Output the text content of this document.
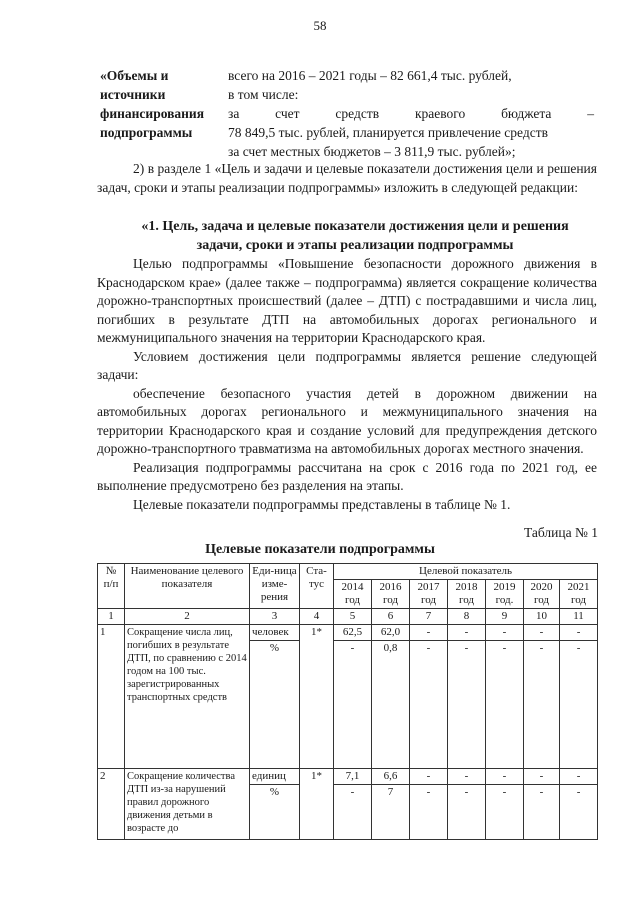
58
«Объемы и
источники
финансирования
подпрограммы
всего на 2016 – 2021 годы – 82 661,4 тыс. рублей,
в том числе:
за счет средств краевого бюджета –
78 849,5 тыс. рублей, планируется привлечение средств
за счет местных бюджетов – 3 811,9 тыс. рублей»;
2) в разделе 1 «Цель и задачи и целевые показатели достижения цели и решения задач, сроки и этапы реализации подпрограммы» изложить в следующей редакции:
«1. Цель, задача и целевые показатели достижения цели и решения задачи, сроки и этапы реализации подпрограммы
Целью подпрограммы «Повышение безопасности дорожного движения в Краснодарском крае» (далее также – подпрограмма) является сокращение количества дорожно-транспортных происшествий (далее – ДТП) с пострадавшими и числа лиц, погибших в результате ДТП на автомобильных дорогах регионального и межмуниципального значения на территории Краснодарского края.
Условием достижения цели подпрограммы является решение следующей задачи:
обеспечение безопасного участия детей в дорожном движении на автомобильных дорогах регионального и межмуниципального значения на территории Краснодарского края и создание условий для предупреждения детского дорожно-транспортного травматизма на автомобильных дорогах местного значения.
Реализация подпрограммы рассчитана на срок с 2016 года по 2021 год, ее выполнение предусмотрено без разделения на этапы.
Целевые показатели подпрограммы представлены в таблице № 1.
Таблица № 1
Целевые показатели подпрограммы
№ п/п	Наименование целевого показателя	Еди-ница изме-рения	Ста-тус	Целевой показатель						
				2014 год	2016 год	2017 год	2018 год	2019 год.	2020 год	2021 год
1	2	3	4	5	6	7	8	9	10	11
1	Сокращение числа лиц, погибших в результате ДТП, по сравнению с 2014 годом на 100 тыс. зарегистрированных транспортных средств	человек	1*	62,5	62,0	-	-	-	-	-
		%		-	0,8	-	-	-	-	-
2	Сокращение количества ДТП из-за нарушений правил дорожного движения детьми в возрасте до	единиц	1*	7,1	6,6	-	-	-	-	-
		%		-	7	-	-	-	-	-
